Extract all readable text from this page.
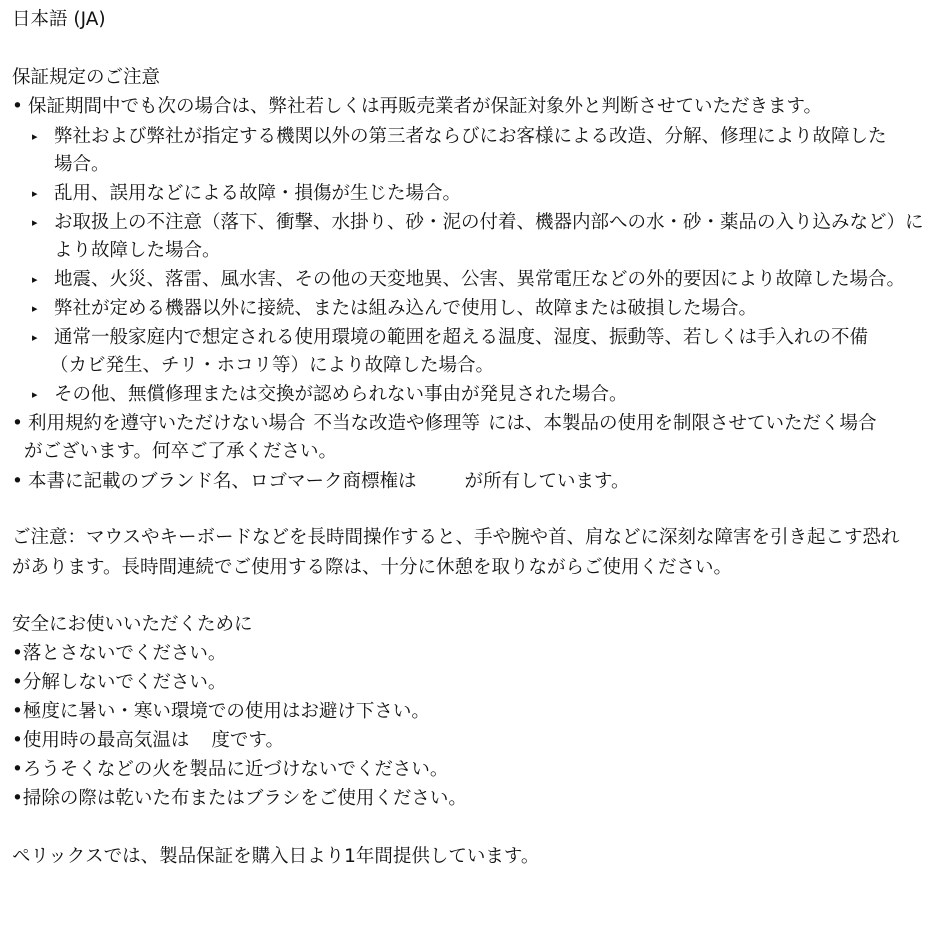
日本語 (JA)
保証規定のご注意
• 保証期間中でも次の場合は、弊社若しくは再販売業者が保証対象外と判断させていただきます。
▸ 弊社および弊社が指定する機関以外の第三者ならびにお客様による改造、分解、修理により故障した
場合。
▸ 乱用、誤用などによる故障・損傷が生じた場合。
▸ お取扱上の不注意（落下、衝撃、水掛り、砂・泥の付着、機器内部への水・砂・薬品の入り込みなど）に
より故障した場合。
▸ 地震、火災、落雷、風水害、その他の天変地異、公害、異常電圧などの外的要因により故障した場合。
▸ 弊社が定める機器以外に接続、または組み込んで使用し、故障または破損した場合。
▸ 通常一般家庭内で想定される使用環境の範囲を超える温度、湿度、振動等、若しくは手入れの不備
（カビ発生、チリ・ホコリ等）により故障した場合。
▸ その他、無償修理または交換が認められない事由が発見された場合。
• 利用規約を遵守いただけない場合 不当な改造や修理等 には、本製品の使用を制限させていただく場合
がございます。何卒ご了承ください。
• 本書に記載のブランド名、ロゴマーク商標権は	が所有しています。
ご注意：マウスやキーボードなどを長時間操作すると、手や腕や首、肩などに深刻な障害を引き起こす恐れ
があります。長時間連続でご使用する際は、十分に休憩を取りながらご使用ください。
安全にお使いいただくために
•落とさないでください。
•分解しないでください。
•極度に暑い・寒い環境での使用はお避け下さい。
•使用時の最高気温は 度です。
•ろうそくなどの火を製品に近づけないでください。
•掃除の際は乾いた布またはブラシをご使用ください。
ペリックスでは、製品保証を購入日より1年間提供しています。
